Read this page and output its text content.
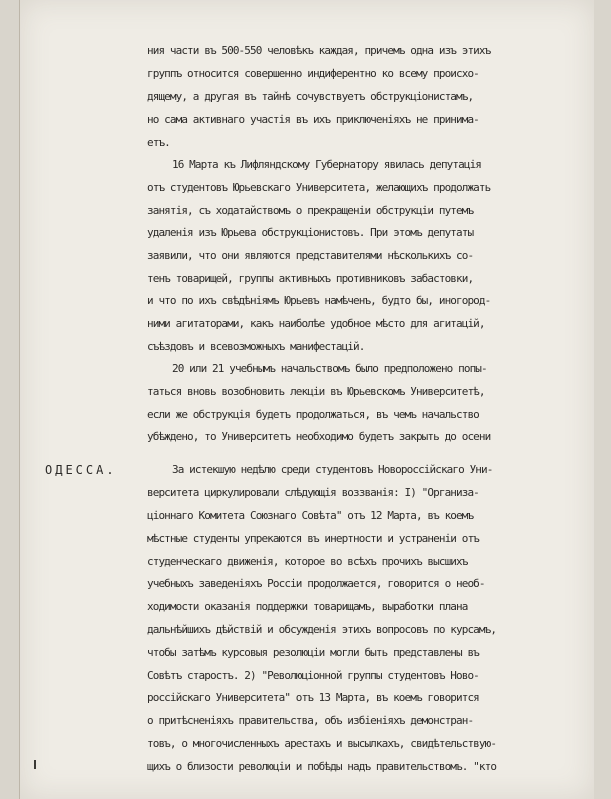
ОДЕССА.
ния части въ 500-550 человѣкъ каждая, причемъ одна изъ этихъ
группъ относится совершенно индиферентно ко всему происхо-
дящему, а другая въ тайнѣ сочувствуетъ обструкціонистамъ,
но сама активнаго участія въ ихъ приключеніяхъ не принима-
етъ.
16 Марта къ Лифляндскому Губернатору явилась депутація
отъ студентовъ Юрьевскаго Университета, желающихъ продолжать
занятія, съ ходатайствомъ о прекращеніи обструкціи путемъ
удаленія изъ Юрьева обструкціонистовъ. При этомъ депутаты
заявили, что они являются представителями нѣсколькихъ со-
тенъ товарищей, группы активныхъ противниковъ забастовки,
и что по ихъ свѣдѣніямъ Юрьевъ намѣченъ, будто бы, иногород-
ними агитаторами, какъ наиболѣе удобное мѣсто для агитацій,
съѣздовъ и всевозможныхъ манифестацій.
20 или 21 учебнымъ начальствомъ было предположено попы-
таться вновь возобновить лекціи въ Юрьевскомъ Университетѣ,
если же обструкція будетъ продолжаться, въ чемъ начальство
убѣждено, то Университетъ необходимо будетъ закрыть до осени
За истекшую недѣлю среди студентовъ Новороссійскаго Уни-
верситета циркулировали слѣдующія воззванія: I) "Организа-
ціоннаго Комитета Союзнаго Совѣта" отъ 12 Марта, въ коемъ
мѣстные студенты упрекаются въ инертности и устраненіи отъ
студенческаго движенія, которое во всѣхъ прочихъ высшихъ
учебныхъ заведеніяхъ Россіи продолжается, говорится о необ-
ходимости оказанія поддержки товарищамъ, выработки плана
дальнѣйшихъ дѣйствій и обсужденія этихъ вопросовъ по курсамъ,
чтобы затѣмъ курсовыя резолюціи могли быть представлены въ
Совѣтъ старостъ. 2) "Революціонной группы студентовъ Ново-
россійскаго Университета" отъ 13 Марта, въ коемъ говорится
о притѣсненіяхъ правительства, объ избіеніяхъ демонстран-
товъ, о многочисленныхъ арестахъ и высылкахъ, свидѣтельствую-
щихъ о близости революціи и побѣды надъ правительствомъ. "кто
